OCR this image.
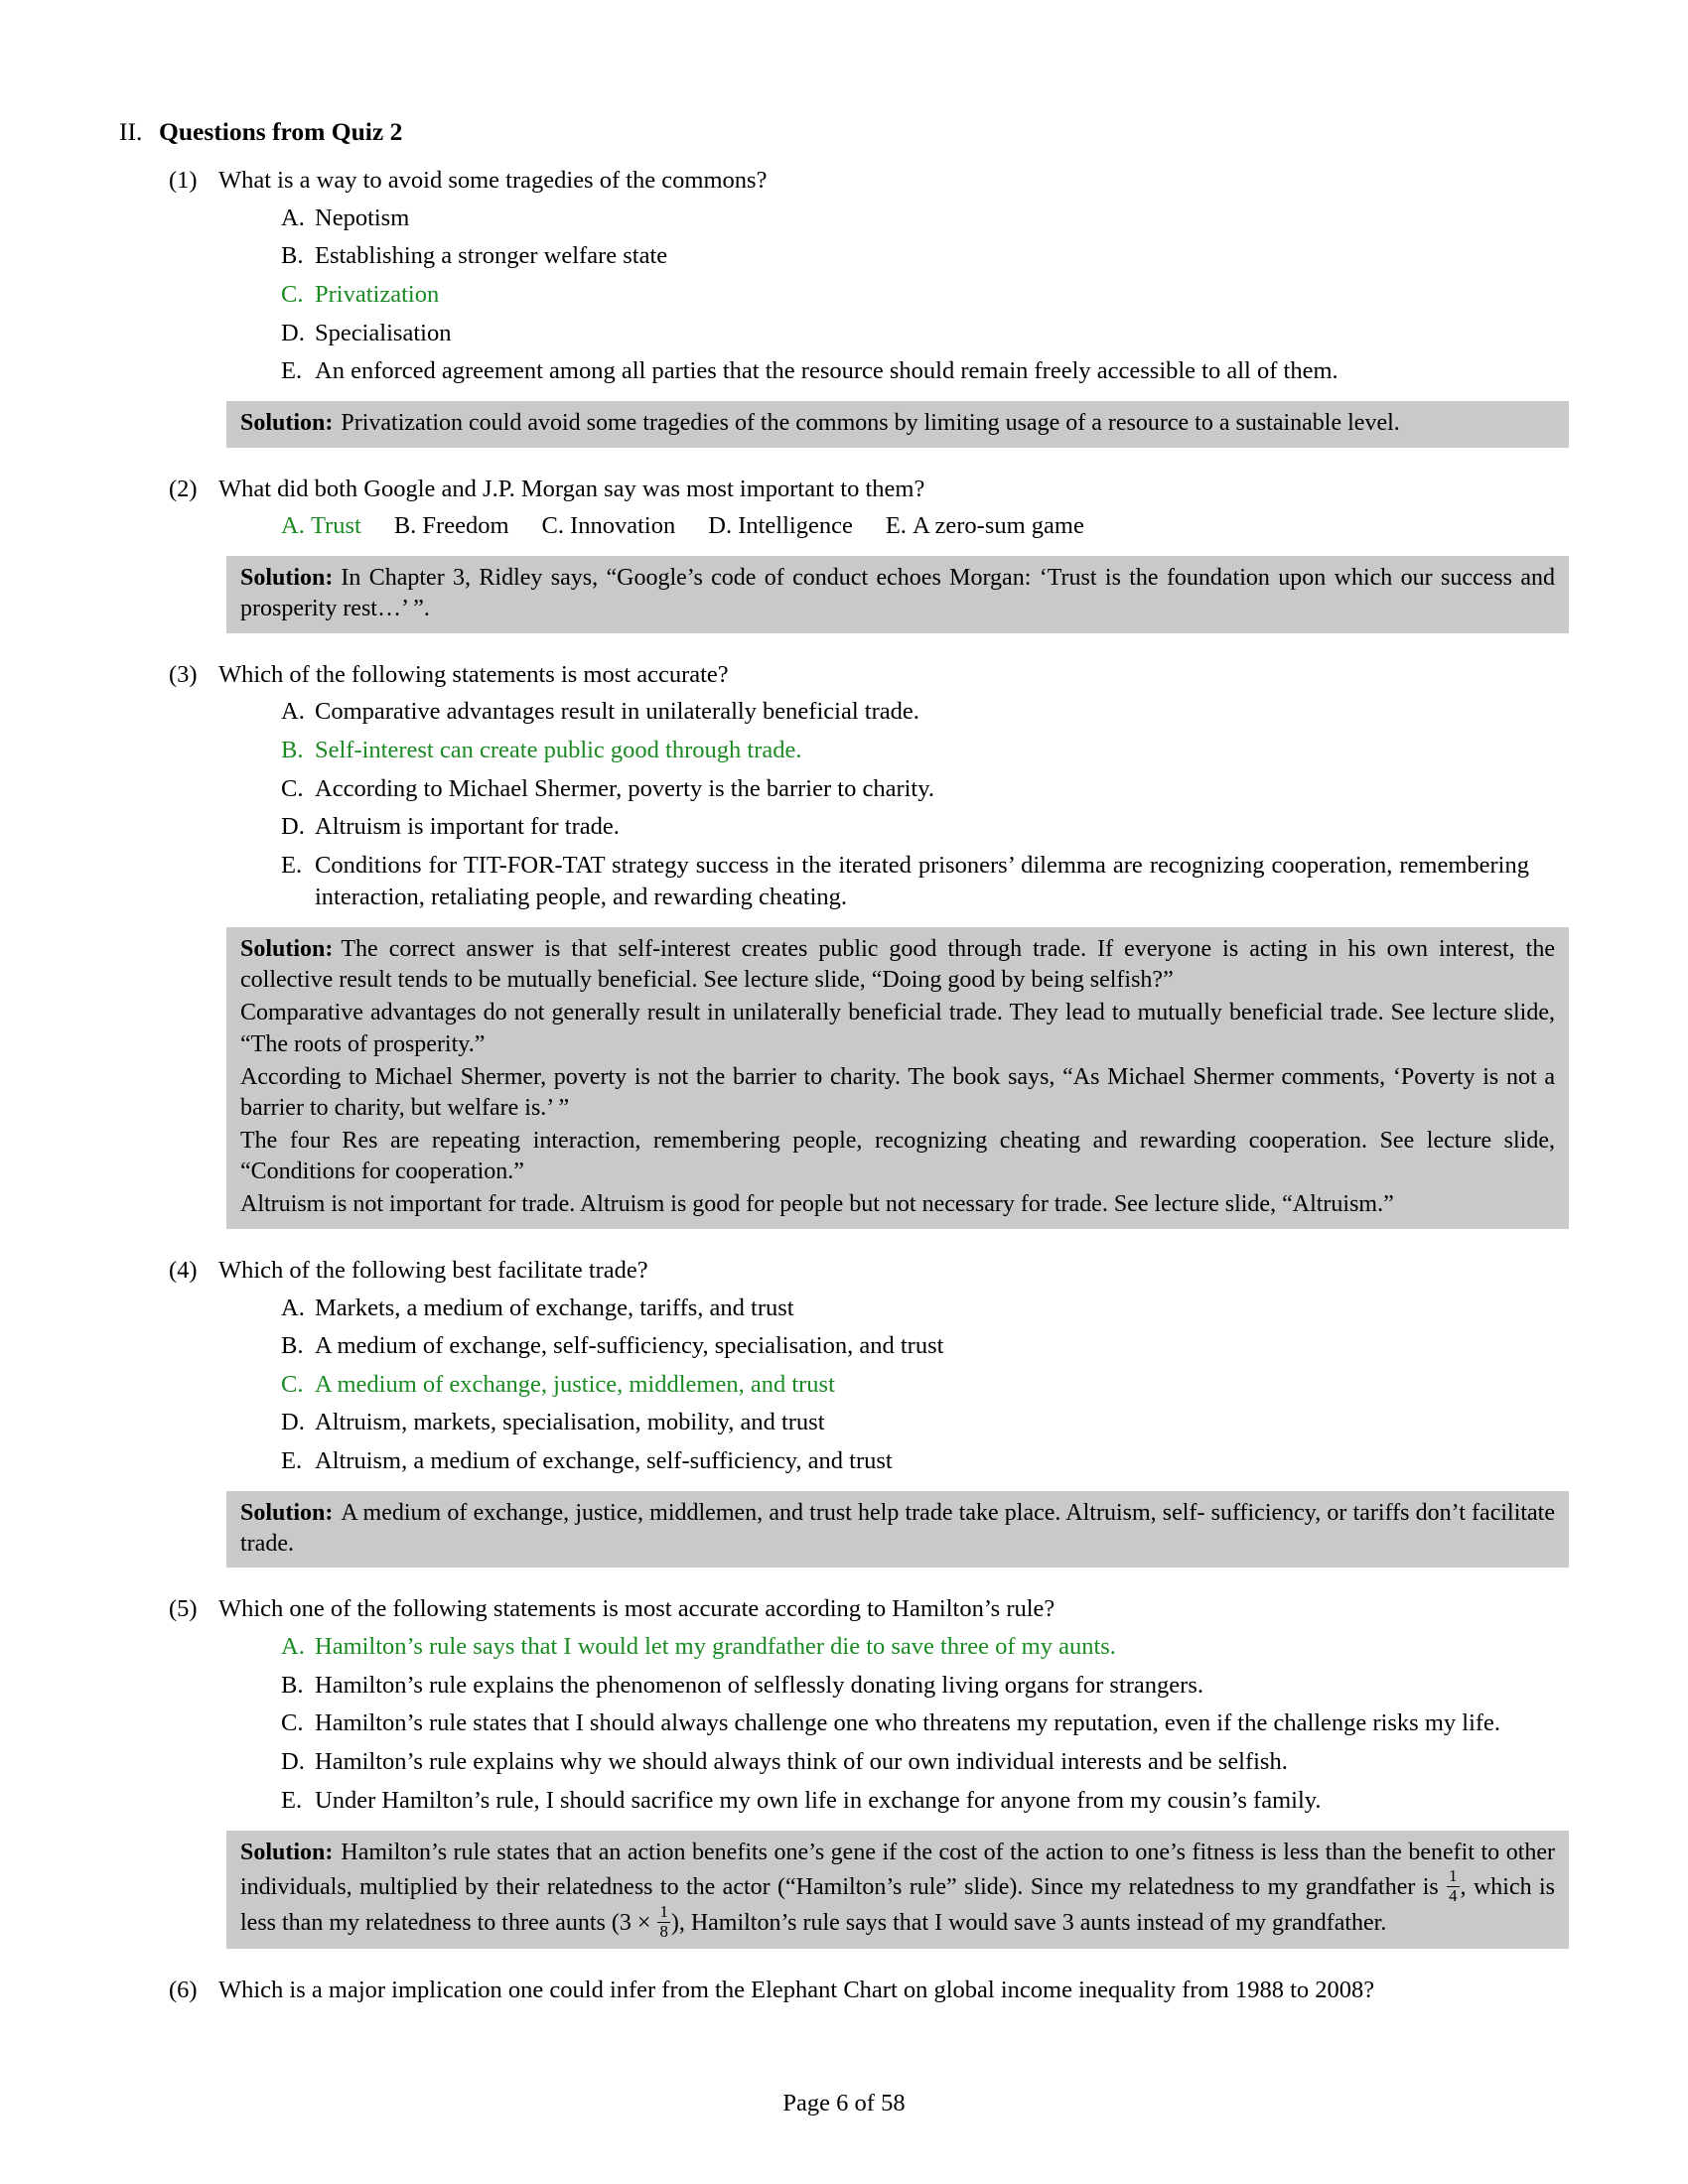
II. Questions from Quiz 2
(1) What is a way to avoid some tragedies of the commons?
A. Nepotism
B. Establishing a stronger welfare state
C. Privatization
D. Specialisation
E. An enforced agreement among all parties that the resource should remain freely accessible to all of them.

Solution: Privatization could avoid some tragedies of the commons by limiting usage of a resource to a sustainable level.

(2) What did both Google and J.P. Morgan say was most important to them?
A. Trust B. Freedom C. Innovation D. Intelligence E. A zero-sum game

Solution: In Chapter 3, Ridley says, “Google’s code of conduct echoes Morgan: ‘Trust is the foundation upon which our success and prosperity rest…’ ”.

(3) Which of the following statements is most accurate?
A. Comparative advantages result in unilaterally beneficial trade.
B. Self-interest can create public good through trade.
C. According to Michael Shermer, poverty is the barrier to charity.
D. Altruism is important for trade.
E. Conditions for TIT-FOR-TAT strategy success in the iterated prisoners’ dilemma are recognizing cooperation, remembering interaction, retaliating people, and rewarding cheating.

Solution: The correct answer is that self-interest creates public good through trade. If everyone is acting in his own interest, the collective result tends to be mutually beneficial. See lecture slide, “Doing good by being selfish?”

Comparative advantages do not generally result in unilaterally beneficial trade. They lead to mutually beneficial trade. See lecture slide, “The roots of prosperity.”

According to Michael Shermer, poverty is not the barrier to charity. The book says, “As Michael Shermer comments, ‘Poverty is not a barrier to charity, but welfare is.’ ”

The four Res are repeating interaction, remembering people, recognizing cheating and rewarding cooperation. See lecture slide, “Conditions for cooperation.”

Altruism is not important for trade. Altruism is good for people but not necessary for trade. See lecture slide, “Altruism.”

(4) Which of the following best facilitate trade?
A. Markets, a medium of exchange, tariffs, and trust
B. A medium of exchange, self-sufficiency, specialisation, and trust
C. A medium of exchange, justice, middlemen, and trust
D. Altruism, markets, specialisation, mobility, and trust
E. Altruism, a medium of exchange, self-sufficiency, and trust

Solution: A medium of exchange, justice, middlemen, and trust help trade take place. Altruism, self- sufficiency, or tariffs don’t facilitate trade.

(5) Which one of the following statements is most accurate according to Hamilton’s rule?
A. Hamilton’s rule says that I would let my grandfather die to save three of my aunts.
B. Hamilton’s rule explains the phenomenon of selflessly donating living organs for strangers.
C. Hamilton’s rule states that I should always challenge one who threatens my reputation, even if the challenge risks my life.
D. Hamilton’s rule explains why we should always think of our own individual interests and be selfish.
E. Under Hamilton’s rule, I should sacrifice my own life in exchange for anyone from my cousin’s family.

Solution: Hamilton’s rule states that an action benefits one’s gene if the cost of the action to one’s fitness is less than the benefit to other individuals, multiplied by their relatedness to the actor (“Hamilton’s rule” slide). Since my relatedness to my grandfather is $\frac{1}{4}$ , which is less than my relatedness to three aunts ($3 \times \frac{1}{8}$ ), Hamilton’s rule says that I would save 3 aunts instead of my grandfather.

(6) Which is a major implication one could infer from the Elephant Chart on global income inequality from 1988 to 2008?
Page 6 of 58
